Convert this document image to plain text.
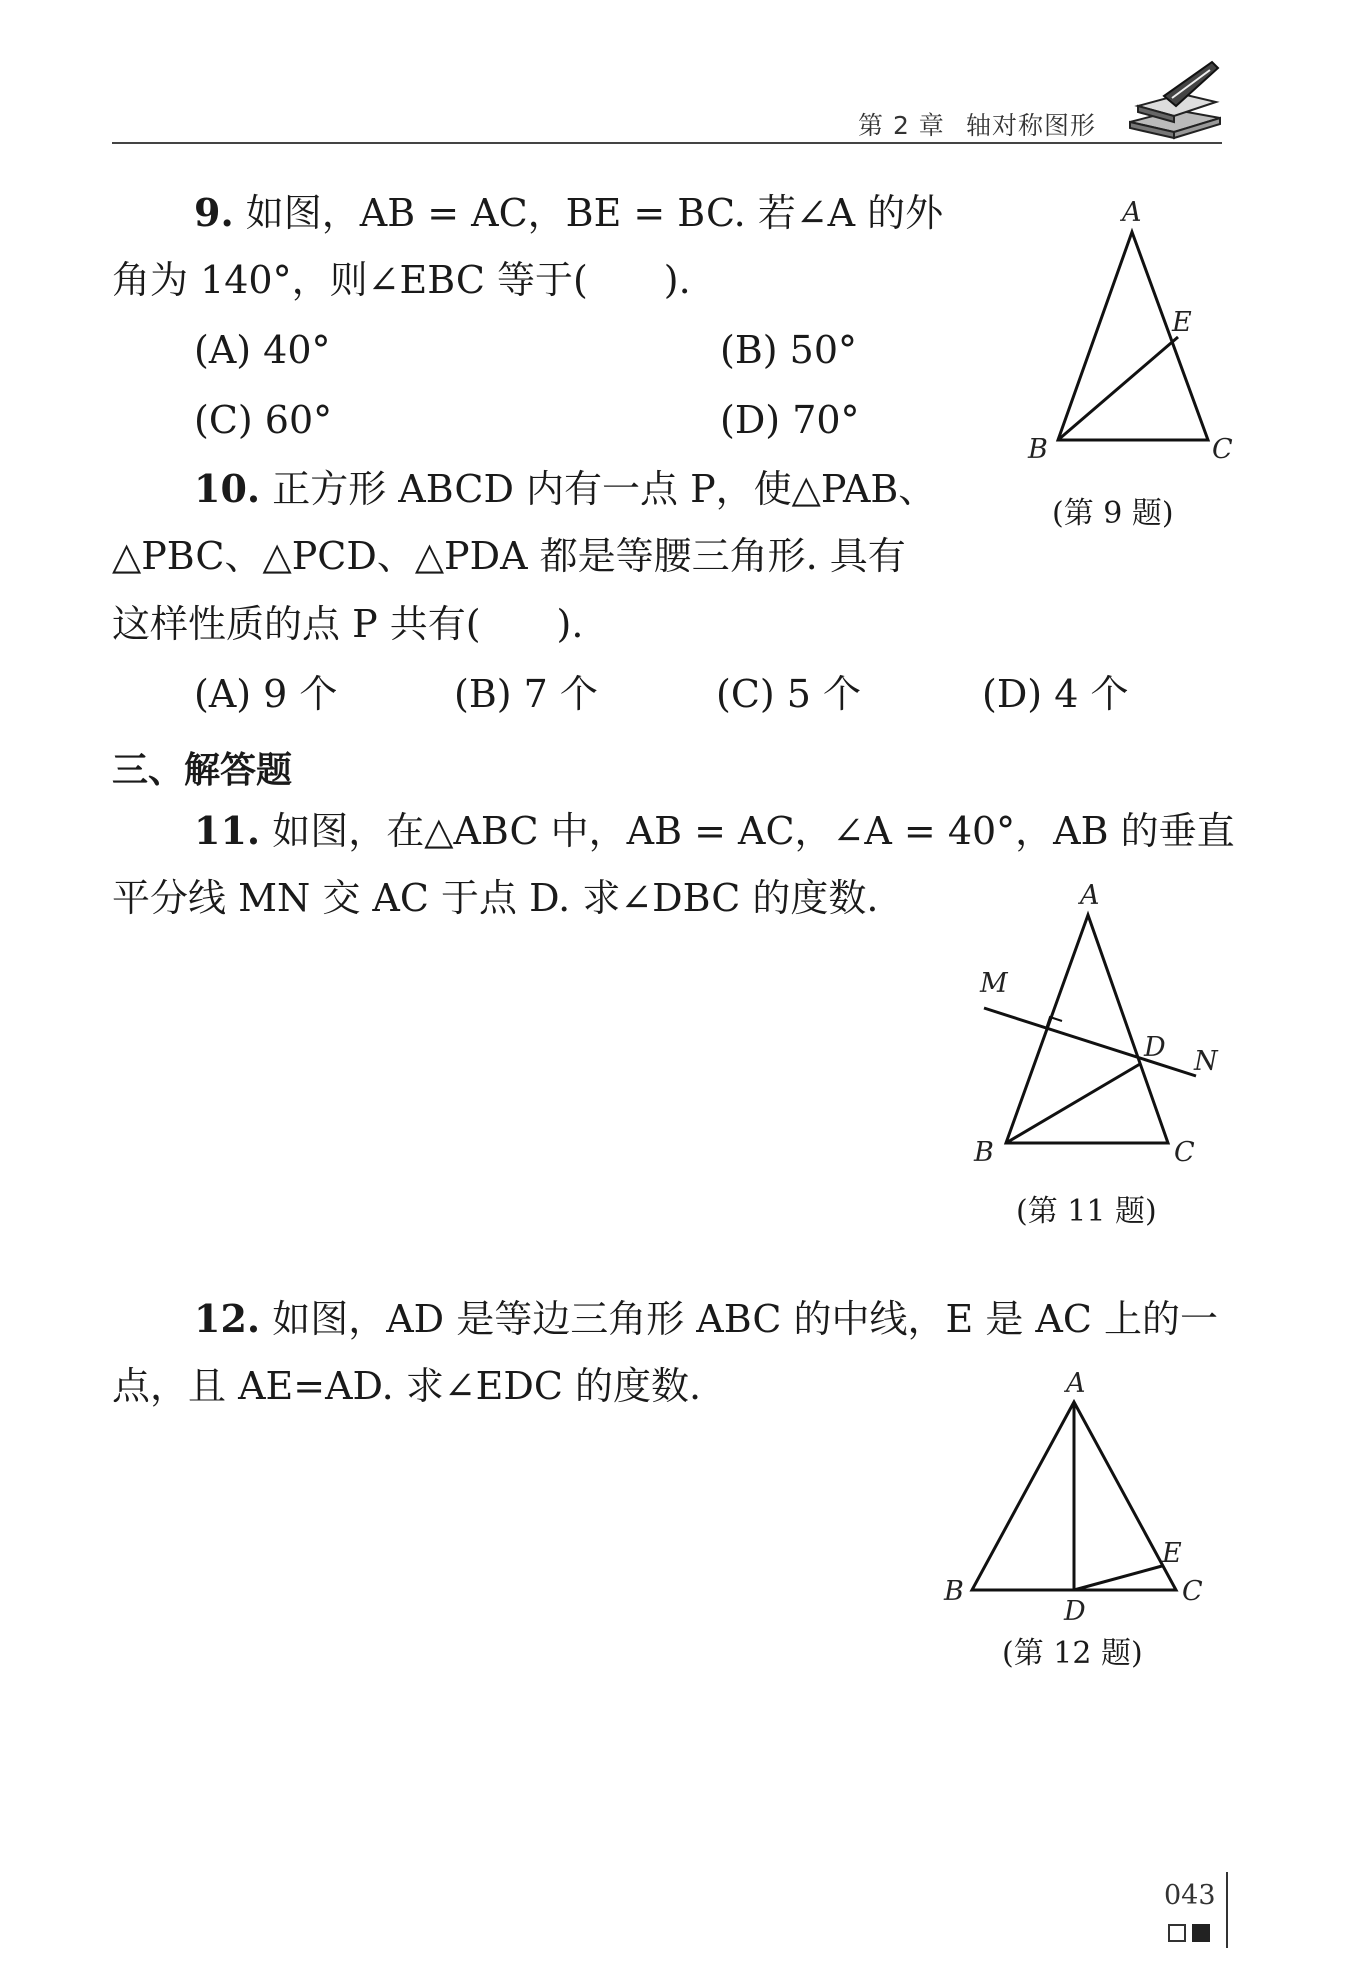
第 2 章 轴对称图形
9. 如图，AB = AC，BE = BC. 若∠A 的外
角为 140°，则∠EBC 等于(　　).
(A) 40°	(B) 50°
(C) 60°	(D) 70°
A
E
B	C
(第 9 题)
10. 正方形 ABCD 内有一点 P，使△PAB、
△PBC、△PCD、△PDA 都是等腰三角形. 具有
这样性质的点 P 共有(　　).
(A) 9 个	(B) 7 个	(C) 5 个	(D) 4 个
三、解答题
11. 如图，在△ABC 中，AB = AC，∠A = 40°，AB 的垂直
平分线 MN 交 AC 于点 D. 求∠DBC 的度数.	A
M
D N
B	C
(第 11 题)
12. 如图，AD 是等边三角形 ABC 的中线，E 是 AC 上的一
点，且 AE=AD. 求∠EDC 的度数.	A
E
B
D
C
(第 12 题)
043
